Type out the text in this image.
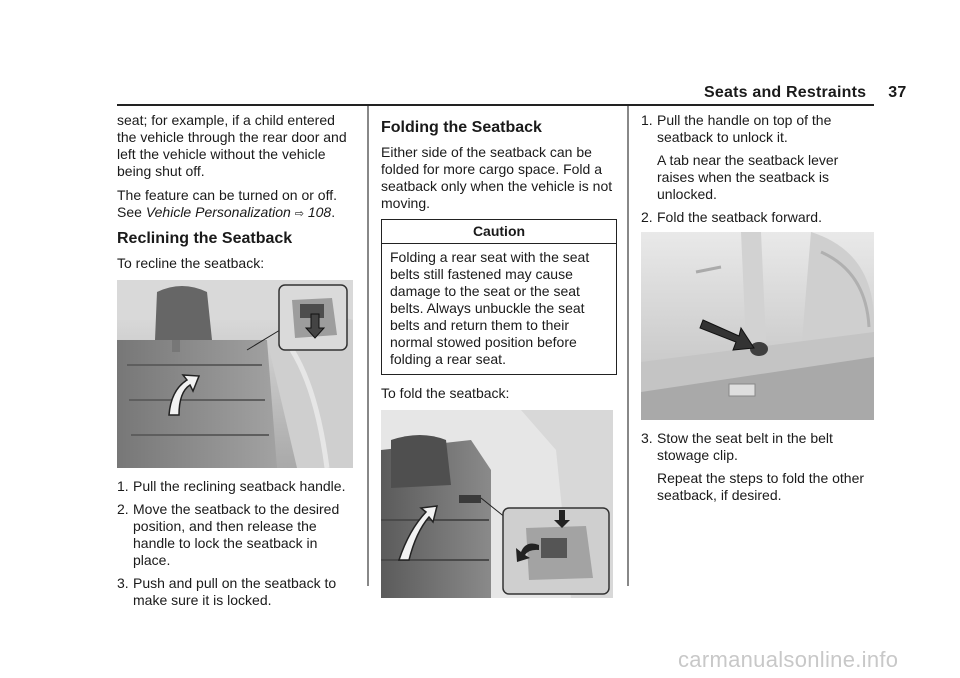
Seats and Restraints 37

seat; for example, if a child entered the vehicle through the rear door and left the vehicle without the vehicle being shut off.

The feature can be turned on or off. See Vehicle Personalization ⇨ 108.

Reclining the Seatback

To recline the seatback:

1. Pull the reclining seatback handle.
2. Move the seatback to the desired position, and then release the handle to lock the seatback in place.
3. Push and pull on the seatback to make sure it is locked.
Folding the Seatback

Either side of the seatback can be folded for more cargo space. Fold a seatback only when the vehicle is not moving.

Caution
Folding a rear seat with the seat belts still fastened may cause damage to the seat or the seat belts. Always unbuckle the seat belts and return them to their normal stowed position before folding a rear seat.

To fold the seatback:

1. Pull the handle on top of the seatback to unlock it.

A tab near the seatback lever raises when the seatback is unlocked.

2. Fold the seatback forward.

3. Stow the seat belt in the belt stowage clip.

Repeat the steps to fold the other seatback, if desired.

carmanualsonline.info
